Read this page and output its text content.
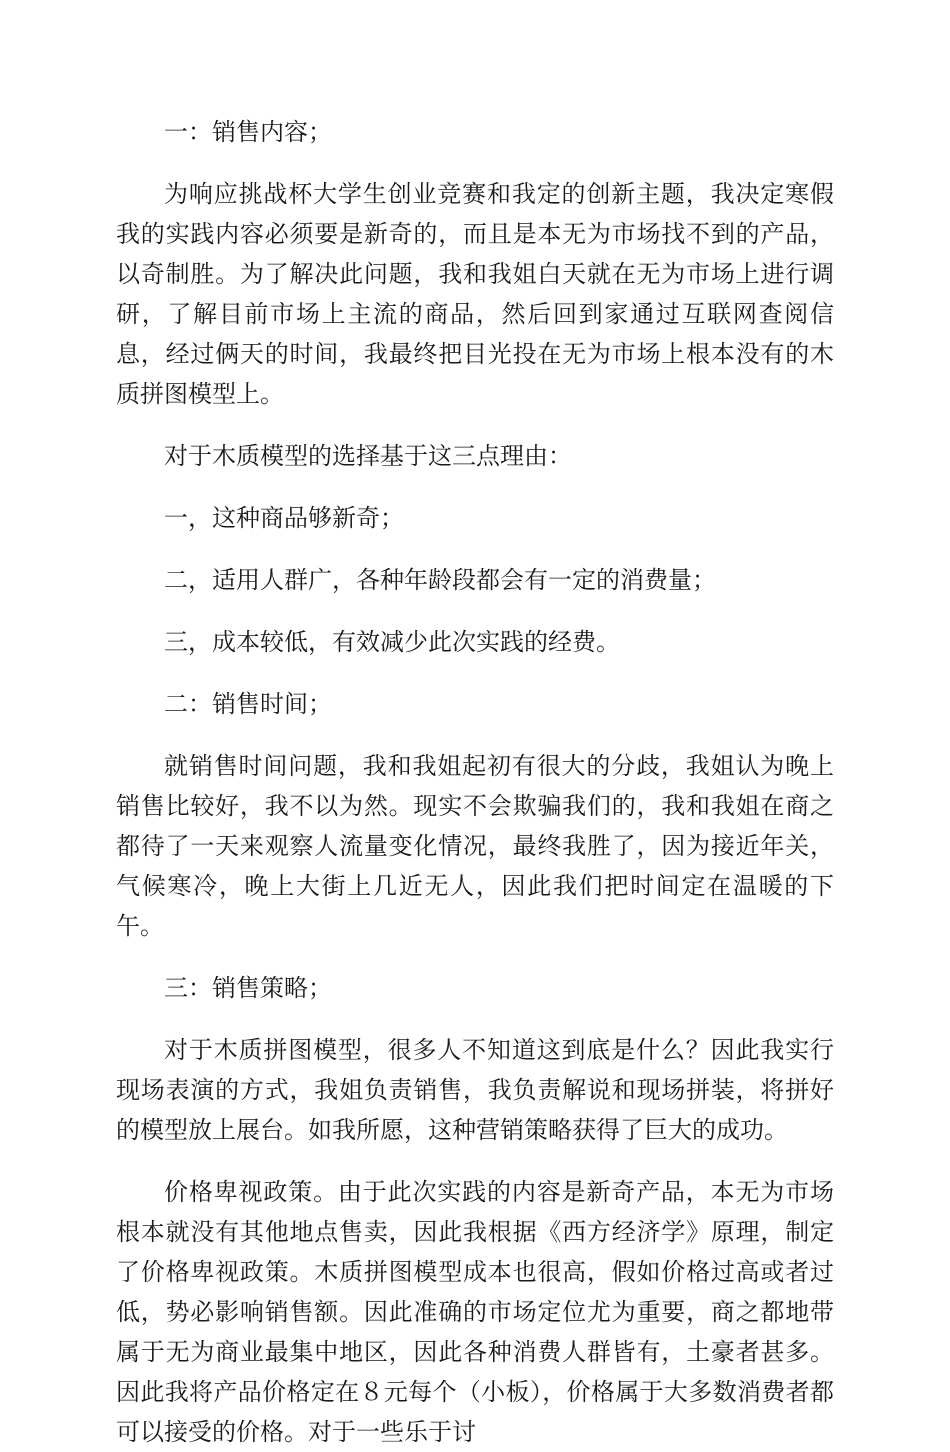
一：销售内容；

为响应挑战杯大学生创业竞赛和我定的创新主题，我决定寒假我的实践内容必须要是新奇的，而且是本无为市场找不到的产品，以奇制胜。为了解决此问题，我和我姐白天就在无为市场上进行调研，了解目前市场上主流的商品，然后回到家通过互联网查阅信息，经过俩天的时间，我最终把目光投在无为市场上根本没有的木质拼图模型上。

对于木质模型的选择基于这三点理由：

一，这种商品够新奇；

二，适用人群广，各种年龄段都会有一定的消费量；

三，成本较低，有效减少此次实践的经费。

二：销售时间；

就销售时间问题，我和我姐起初有很大的分歧，我姐认为晚上销售比较好，我不以为然。现实不会欺骗我们的，我和我姐在商之都待了一天来观察人流量变化情况，最终我胜了，因为接近年关，气候寒冷，晚上大街上几近无人，因此我们把时间定在温暖的下午。

三：销售策略；

对于木质拼图模型，很多人不知道这到底是什么？因此我实行现场表演的方式，我姐负责销售，我负责解说和现场拼装，将拼好的模型放上展台。如我所愿，这种营销策略获得了巨大的成功。

价格卑视政策。由于此次实践的内容是新奇产品，本无为市场根本就没有其他地点售卖，因此我根据《西方经济学》原理，制定了价格卑视政策。木质拼图模型成本也很高，假如价格过高或者过低，势必影响销售额。因此准确的市场定位尤为重要，商之都地带属于无为商业最集中地区，因此各种消费人群皆有，土豪者甚多。因此我将产品价格定在８元每个（小板），价格属于大多数消费者都可以接受的价格。对于一些乐于讨
